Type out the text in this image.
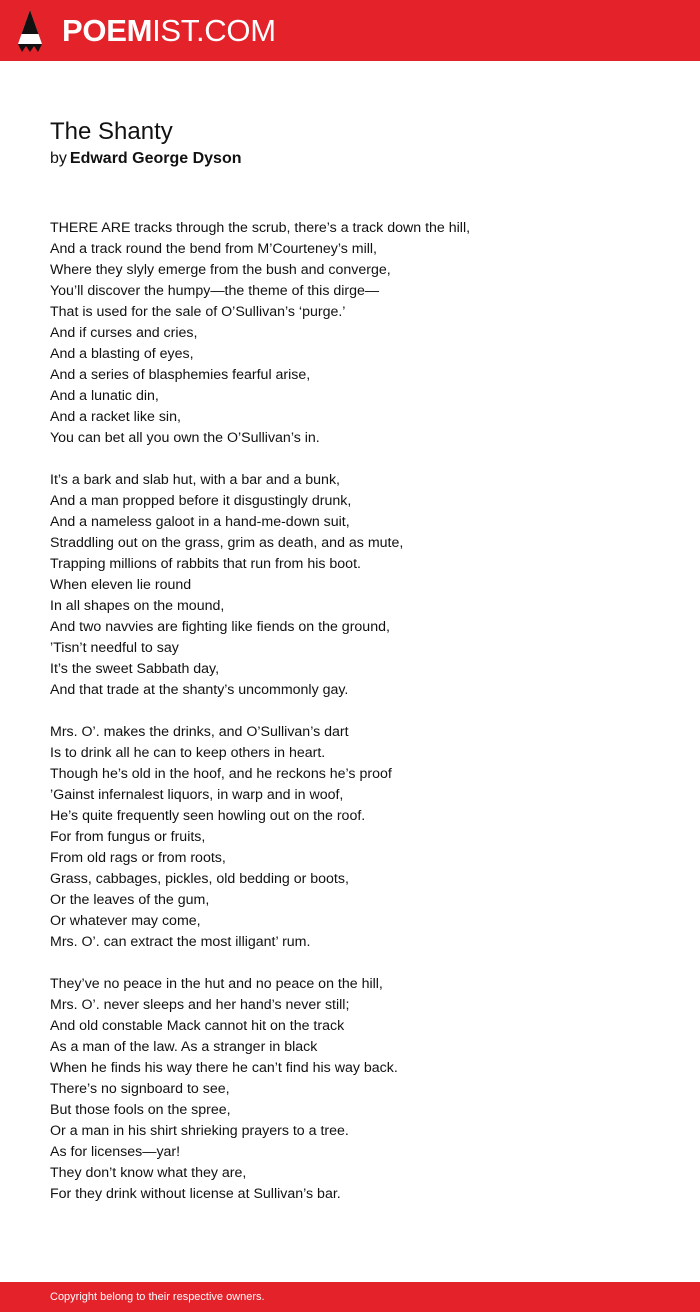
POEMIST.COM
The Shanty
by Edward George Dyson
THERE ARE tracks through the scrub, there’s a track down the hill,
And a track round the bend from M’Courteney’s mill,
Where they slyly emerge from the bush and converge,
You’ll discover the humpy—the theme of this dirge—
That is used for the sale of O’Sullivan’s ‘purge.’
And if curses and cries,
And a blasting of eyes,
And a series of blasphemies fearful arise,
And a lunatic din,
And a racket like sin,
You can bet all you own the O’Sullivan’s in.
It’s a bark and slab hut, with a bar and a bunk,
And a man propped before it disgustingly drunk,
And a nameless galoot in a hand-me-down suit,
Straddling out on the grass, grim as death, and as mute,
Trapping millions of rabbits that run from his boot.
When eleven lie round
In all shapes on the mound,
And two navvies are fighting like fiends on the ground,
’Tisn’t needful to say
It’s the sweet Sabbath day,
And that trade at the shanty’s uncommonly gay.
Mrs. O’. makes the drinks, and O’Sullivan’s dart
Is to drink all he can to keep others in heart.
Though he’s old in the hoof, and he reckons he’s proof
’Gainst infernalest liquors, in warp and in woof,
He’s quite frequently seen howling out on the roof.
For from fungus or fruits,
From old rags or from roots,
Grass, cabbages, pickles, old bedding or boots,
Or the leaves of the gum,
Or whatever may come,
Mrs. O’. can extract the most illigant’ rum.
They’ve no peace in the hut and no peace on the hill,
Mrs. O’. never sleeps and her hand’s never still;
And old constable Mack cannot hit on the track
As a man of the law. As a stranger in black
When he finds his way there he can’t find his way back.
There’s no signboard to see,
But those fools on the spree,
Or a man in his shirt shrieking prayers to a tree.
As for licenses—yar!
They don’t know what they are,
For they drink without license at Sullivan’s bar.
Copyright belong to their respective owners.
